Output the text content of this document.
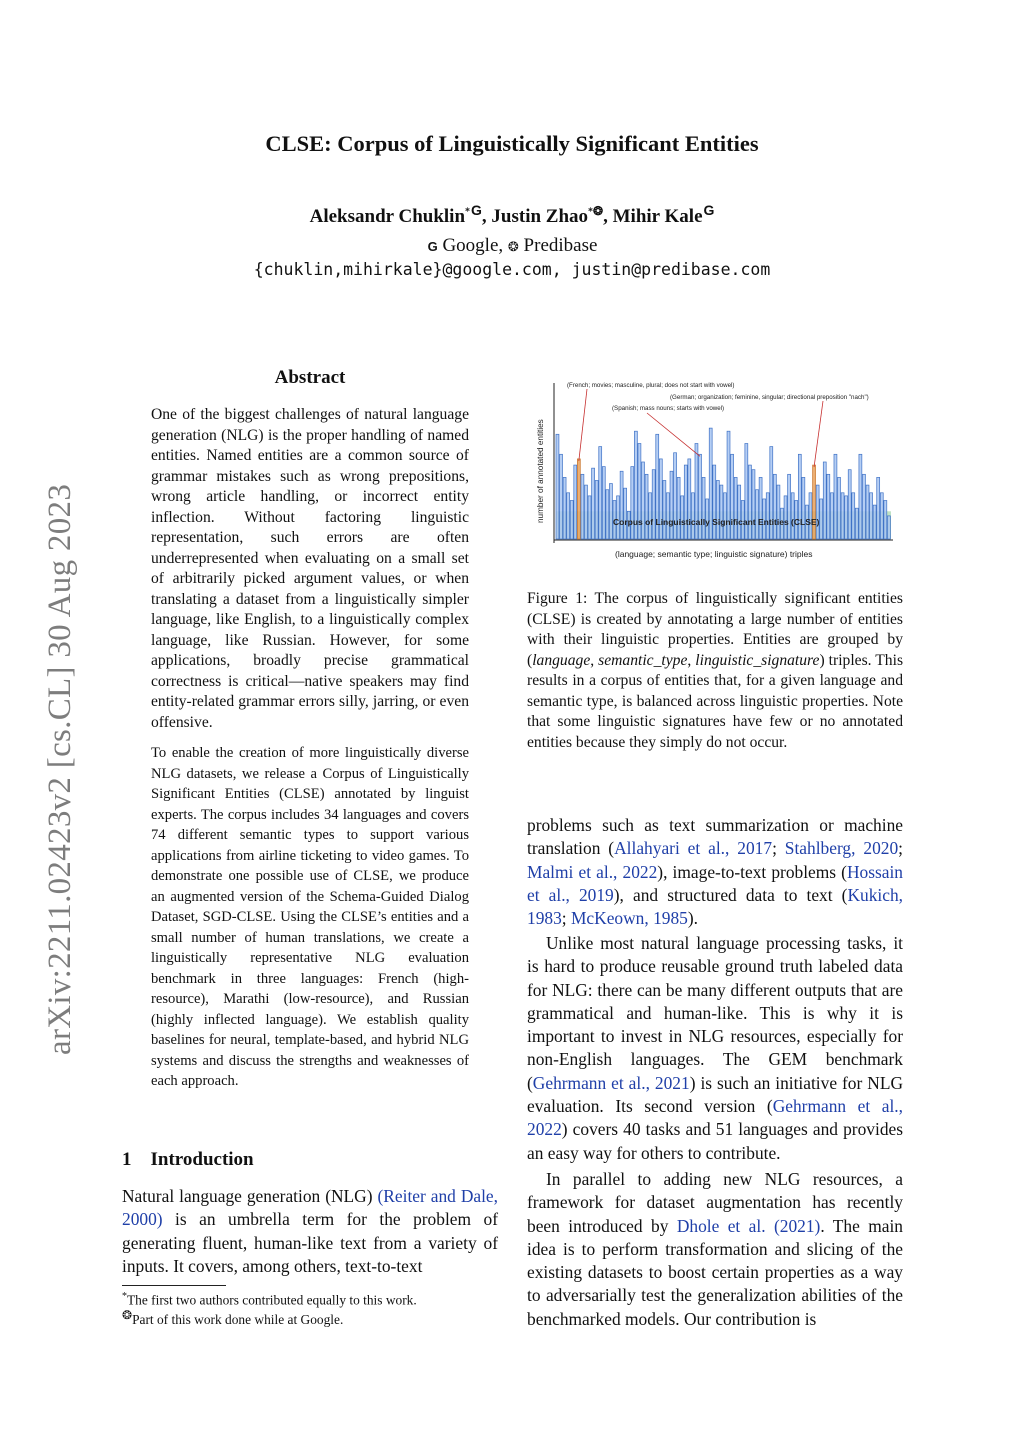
arXiv:2211.02423v2 [cs.CL] 30 Aug 2023
CLSE: Corpus of Linguistically Significant Entities
Aleksandr Chuklin*G, Justin Zhao*❂, Mihir KaleG
G Google, ❂ Predibase
{chuklin,mihirkale}@google.com, justin@predibase.com
Abstract

One of the biggest challenges of natural language generation (NLG) is the proper handling of named entities. Named entities are a common source of grammar mistakes such as wrong prepositions, wrong article handling, or incorrect entity inflection. Without factoring linguistic representation, such errors are often underrepresented when evaluating on a small set of arbitrarily picked argument values, or when translating a dataset from a linguistically simpler language, like English, to a linguistically complex language, like Russian. However, for some applications, broadly precise grammatical correctness is critical—native speakers may find entity-related grammar errors silly, jarring, or even offensive.

To enable the creation of more linguistically diverse NLG datasets, we release a Corpus of Linguistically Significant Entities (CLSE) annotated by linguist experts. The corpus includes 34 languages and covers 74 different semantic types to support various applications from airline ticketing to video games. To demonstrate one possible use of CLSE, we produce an augmented version of the Schema-Guided Dialog Dataset, SGD-CLSE. Using the CLSE’s entities and a small number of human translations, we create a linguistically representative NLG evaluation benchmark in three languages: French (high-resource), Marathi (low-resource), and Russian (highly inflected language). We establish quality baselines for neural, template-based, and hybrid NLG systems and discuss the strengths and weaknesses of each approach.

1 Introduction

Natural language generation (NLG) (Reiter and Dale, 2000) is an umbrella term for the problem of generating fluent, human-like text from a variety of inputs. It covers, among others, text-to-text

*The first two authors contributed equally to this work.
❂Part of this work done while at Google.
(French; movies; masculine, plural; does not start with vowel)
(German; organization; feminine, singular; directional preposition "nach")
(Spanish; mass nouns; starts with vowel)
Corpus of Linguistically Significant Entities (CLSE)
number of annotated entities
(language; semantic type; linguistic signature) triples

Figure 1: The corpus of linguistically significant entities (CLSE) is created by annotating a large number of entities with their linguistic properties. Entities are grouped by (language, semantic_type, linguistic_signature) triples. This results in a corpus of entities that, for a given language and semantic type, is balanced across linguistic properties. Note that some linguistic signatures have few or no annotated entities because they simply do not occur.

problems such as text summarization or machine translation (Allahyari et al., 2017; Stahlberg, 2020; Malmi et al., 2022), image-to-text problems (Hossain et al., 2019), and structured data to text (Kukich, 1983; McKeown, 1985).

Unlike most natural language processing tasks, it is hard to produce reusable ground truth labeled data for NLG: there can be many different outputs that are grammatical and human-like. This is why it is important to invest in NLG resources, especially for non-English languages. The GEM benchmark (Gehrmann et al., 2021) is such an initiative for NLG evaluation. Its second version (Gehrmann et al., 2022) covers 40 tasks and 51 languages and provides an easy way for others to contribute.

In parallel to adding new NLG resources, a framework for dataset augmentation has recently been introduced by Dhole et al. (2021). The main idea is to perform transformation and slicing of the existing datasets to boost certain properties as a way to adversarially test the generalization abilities of the benchmarked models. Our contribution is
